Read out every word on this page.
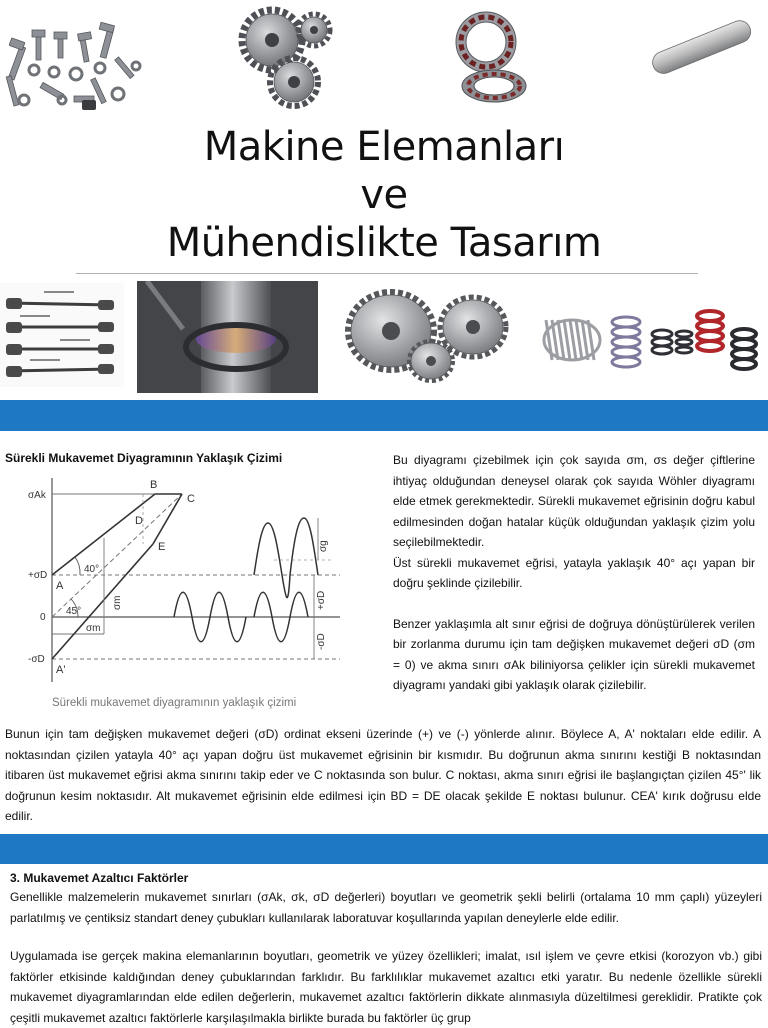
Makine Elemanları
ve
Mühendislikte Tasarım
Sürekli Mukavemet Diyagramının Yaklaşık Çizimi
σAk
+σD
0
-σD
A
A'
B
C
D
E
40°
45°
σm
σm
σg
+σD
-σD
Sürekli mukavemet diyagramının yaklaşık çizimi

Bu diyagramı çizebilmek için çok sayıda σm, σs değer çiftlerine ihtiyaç olduğundan deneysel olarak çok sayıda Wöhler diyagramı elde etmek gerekmektedir. Sürekli mukavemet eğrisinin doğru kabul edilmesinden doğan hatalar küçük olduğundan yaklaşık çizim yolu seçilebilmektedir.

Üst sürekli mukavemet eğrisi, yatayla yaklaşık 40° açı yapan bir doğru şeklinde çizilebilir.

Benzer yaklaşımla alt sınır eğrisi de doğruya dönüştürülerek verilen bir zorlanma durumu için tam değişken mukavemet değeri σD (σm = 0) ve akma sınırı σAk biliniyorsa çelikler için sürekli mukavemet diyagramı yandaki gibi yaklaşık olarak çizilebilir.

Bunun için tam değişken mukavemet değeri (σD) ordinat ekseni üzerinde (+) ve (-) yönlerde alınır. Böylece A, A' noktaları elde edilir. A noktasından çizilen yatayla 40° açı yapan doğru üst mukavemet eğrisinin bir kısmıdır. Bu doğrunun akma sınırını kestiği B noktasından itibaren üst mukavemet eğrisi akma sınırını takip eder ve C noktasında son bulur. C noktası, akma sınırı eğrisi ile başlangıçtan çizilen 45°' lik doğrunun kesim noktasıdır. Alt mukavemet eğrisinin elde edilmesi için BD = DE olacak şekilde E noktası bulunur. CEA' kırık doğrusu elde edilir.
3. Mukavemet Azaltıcı Faktörler
Genellikle malzemelerin mukavemet sınırları (σAk, σk, σD değerleri) boyutları ve geometrik şekli belirli (ortalama 10 mm çaplı) yüzeyleri parlatılmış ve çentiksiz standart deney çubukları kullanılarak laboratuvar koşullarında yapılan deneylerle elde edilir.
Uygulamada ise gerçek makina elemanlarının boyutları, geometrik ve yüzey özellikleri; imalat, ısıl işlem ve çevre etkisi (korozyon vb.) gibi faktörler etkisinde kaldığından deney çubuklarından farklıdır. Bu farklılıklar mukavemet azaltıcı etki yaratır. Bu nedenle özellikle sürekli mukavemet diyagramlarından elde edilen değerlerin, mukavemet azaltıcı faktörlerin dikkate alınmasıyla düzeltilmesi gereklidir. Pratikte çok çeşitli mukavemet azaltıcı faktörlerle karşılaşılmakla birlikte burada bu faktörler üç grup
